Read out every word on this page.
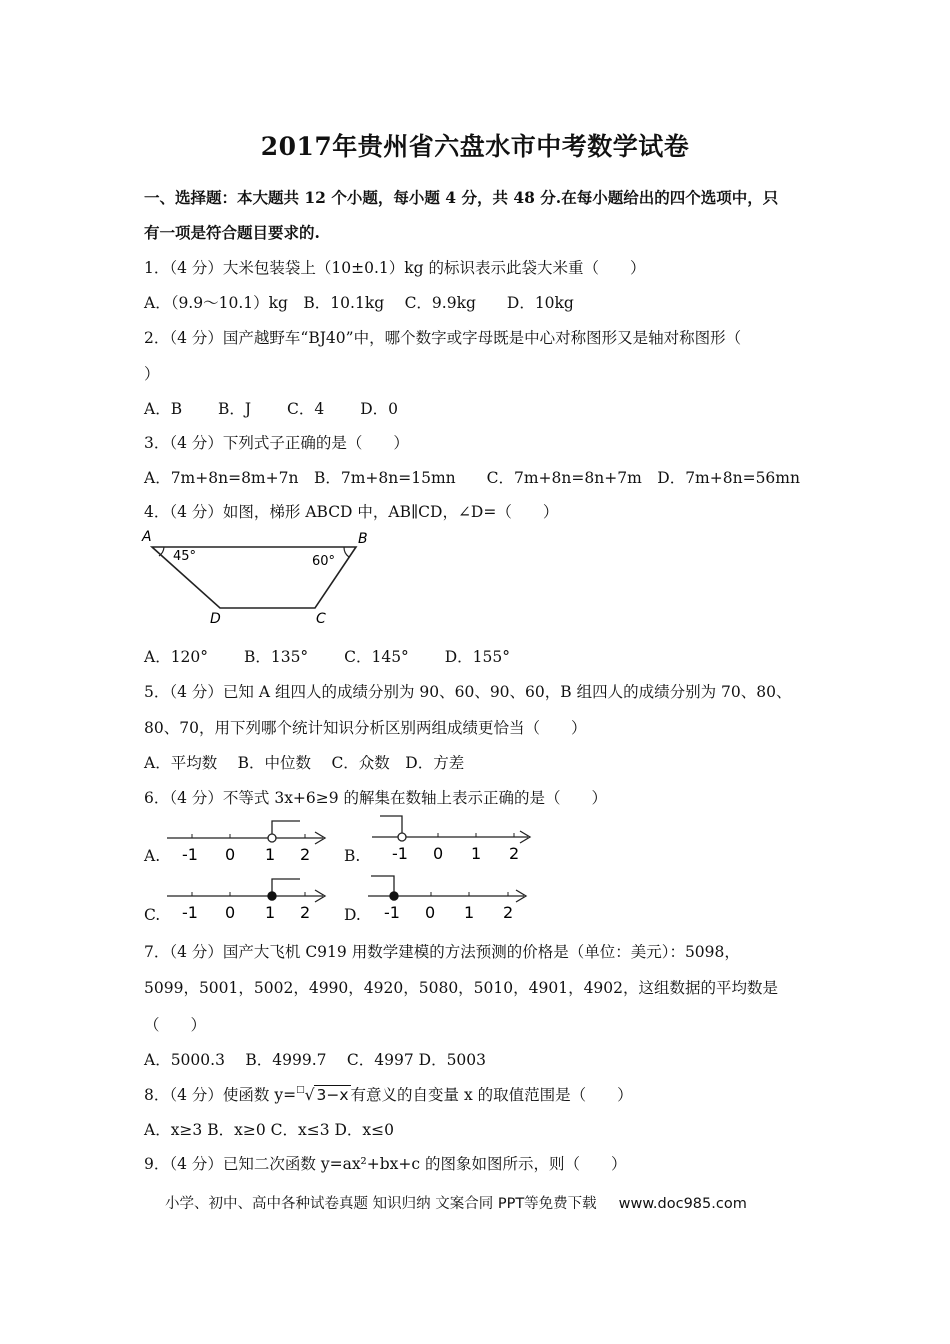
2017年贵州省六盘水市中考数学试卷
一、选择题：本大题共 12 个小题，每小题 4 分，共 48 分.在每小题给出的四个选项中，只
有一项是符合题目要求的.
1．（4 分）大米包装袋上（10±0.1）kg 的标识表示此袋大米重（　　）
A．（9.9～10.1）kg　B．10.1kg　 C．9.9kg　　D．10kg
2．（4 分）国产越野车“BJ40”中，哪个数字或字母既是中心对称图形又是轴对称图形（
）
A．B　　 B．J　　 C．4　　 D．0
3．（4 分）下列式子正确的是（　　）
A．7m+8n=8m+7n　B．7m+8n=15mn　　C．7m+8n=8n+7m　D．7m+8n=56mn
4．（4 分）如图，梯形 ABCD 中，AB∥CD，∠D=（　　）
A	B
D	C
45°	60°
A．120°　　 B．135°　　 C．145°　　 D．155°
5．（4 分）已知 A 组四人的成绩分别为 90、60、90、60，B 组四人的成绩分别为 70、80、
80、70，用下列哪个统计知识分析区别两组成绩更恰当（　　）
A．平均数　 B．中位数　 C．众数　D．方差
6．（4 分）不等式 3x+6≥9 的解集在数轴上表示正确的是（　　）
A. -1 0 1 2 B. -1 0 1 2
C. -1 0 1 2 D. -1 0 1 2
7．（4 分）国产大飞机 C919 用数学建模的方法预测的价格是（单位：美元）：5098，
5099，5001，5002，4990，4920，5080，5010，4901，4902，这组数据的平均数是
（　　）
A．5000.3　 B．4999.7　 C．4997 D．5003
8．（4 分）使函数 y=□√ 3−x 有意义的自变量 x 的取值范围是（　　）
A．x≥3 B．x≥0 C．x≤3 D．x≤0
9．（4 分）已知二次函数 y=ax²+bx+c 的图象如图所示，则（　　）
小学、初中、高中各种试卷真题 知识归纳 文案合同 PPT等免费下载 www.doc985.com
